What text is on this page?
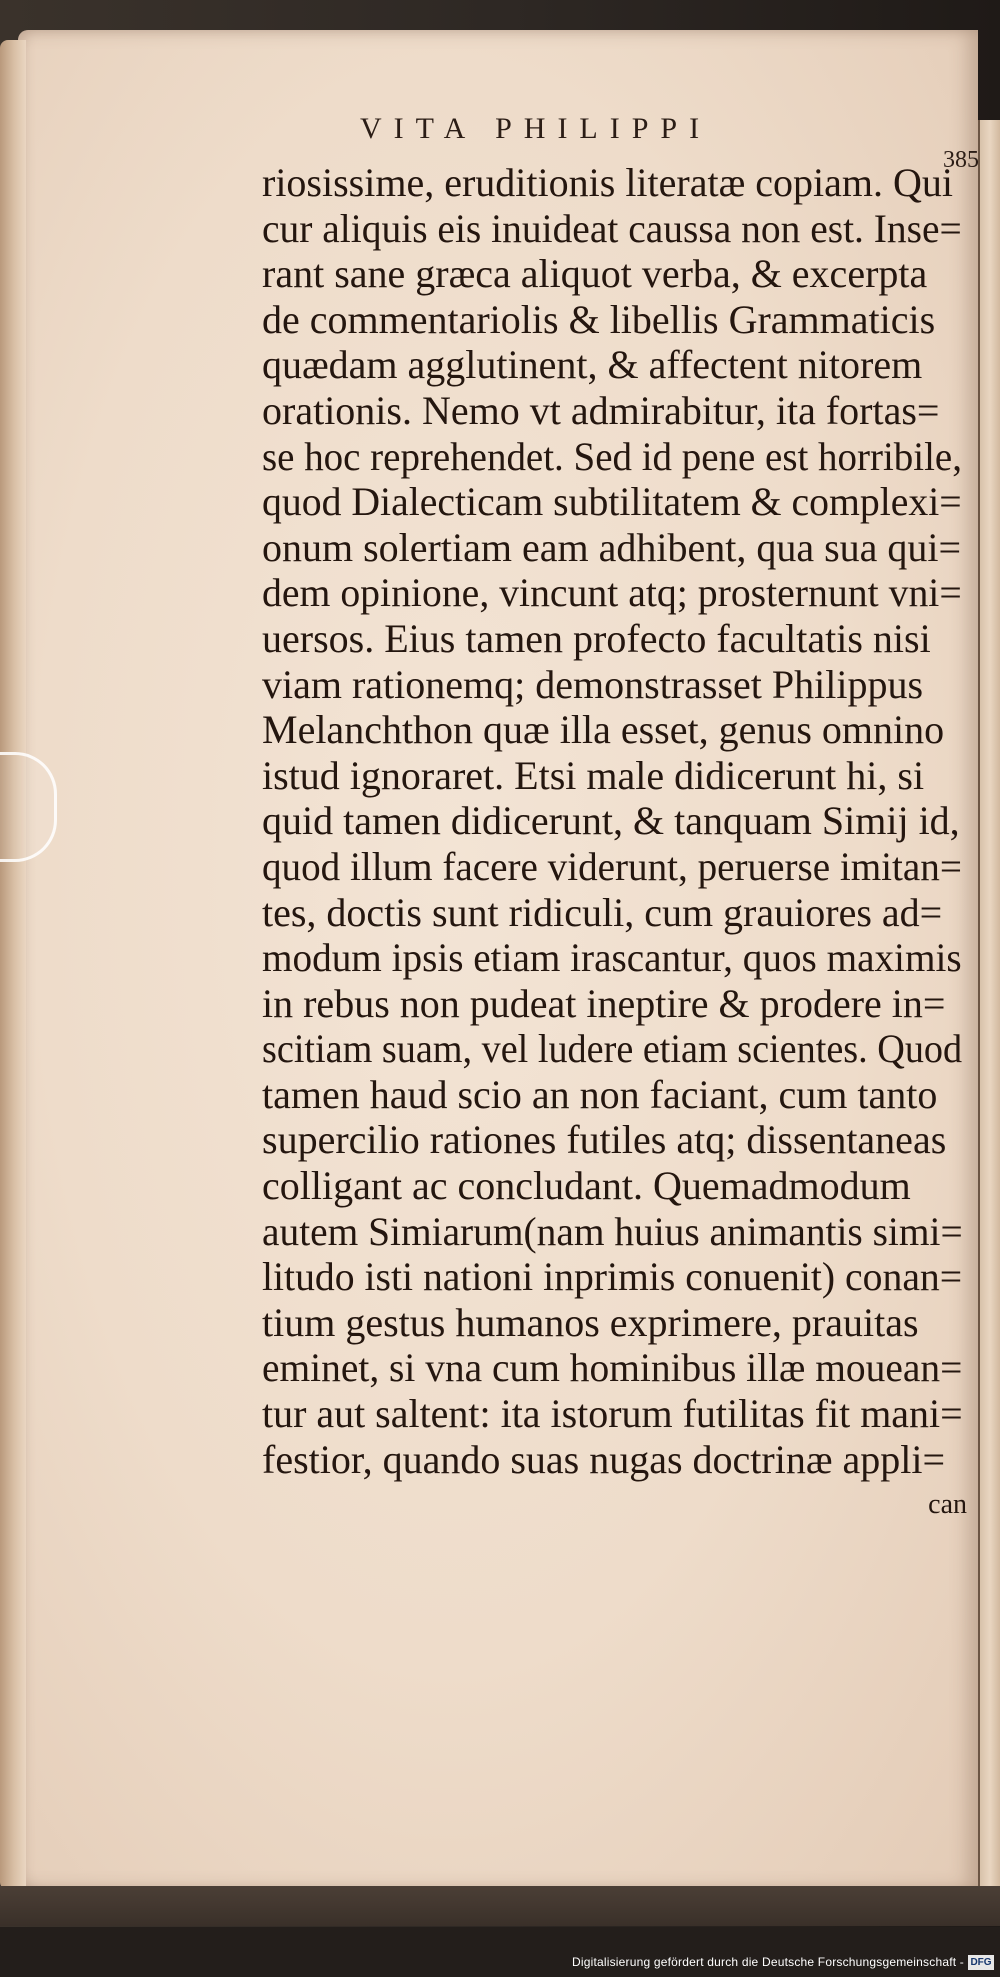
VITA PHILIPPI
385
riosissime, eruditionis literatæ copiam. Qui
cur aliquis eis inuideat caussa non est. Inse=
rant sane græca aliquot verba, & excerpta
de commentariolis & libellis Grammaticis
quædam agglutinent, & affectent nitorem
orationis. Nemo vt admirabitur, ita fortas=
se hoc reprehendet. Sed id pene est horribile,
quod Dialecticam subtilitatem & complexi=
onum solertiam eam adhibent, qua sua qui=
dem opinione, vincunt atq; prosternunt vni=
uersos. Eius tamen profecto facultatis nisi
viam rationemq; demonstrasset Philippus
Melanchthon quæ illa esset, genus omnino
istud ignoraret. Etsi male didicerunt hi, si
quid tamen didicerunt, & tanquam Simij id,
quod illum facere viderunt, peruerse imitan=
tes, doctis sunt ridiculi, cum grauiores ad=
modum ipsis etiam irascantur, quos maximis
in rebus non pudeat ineptire & prodere in=
scitiam suam, vel ludere etiam scientes. Quod
tamen haud scio an non faciant, cum tanto
supercilio rationes futiles atq; dissentaneas
colligant ac concludant. Quemadmodum
autem Simiarum(nam huius animantis simi=
litudo isti nationi inprimis conuenit) conan=
tium gestus humanos exprimere, prauitas
eminet, si vna cum hominibus illæ mouean=
tur aut saltent: ita istorum futilitas fit mani=
festior, quando suas nugas doctrinæ appli=
can
Digitalisierung gefördert durch die Deutsche Forschungsgemeinschaft - DFG
